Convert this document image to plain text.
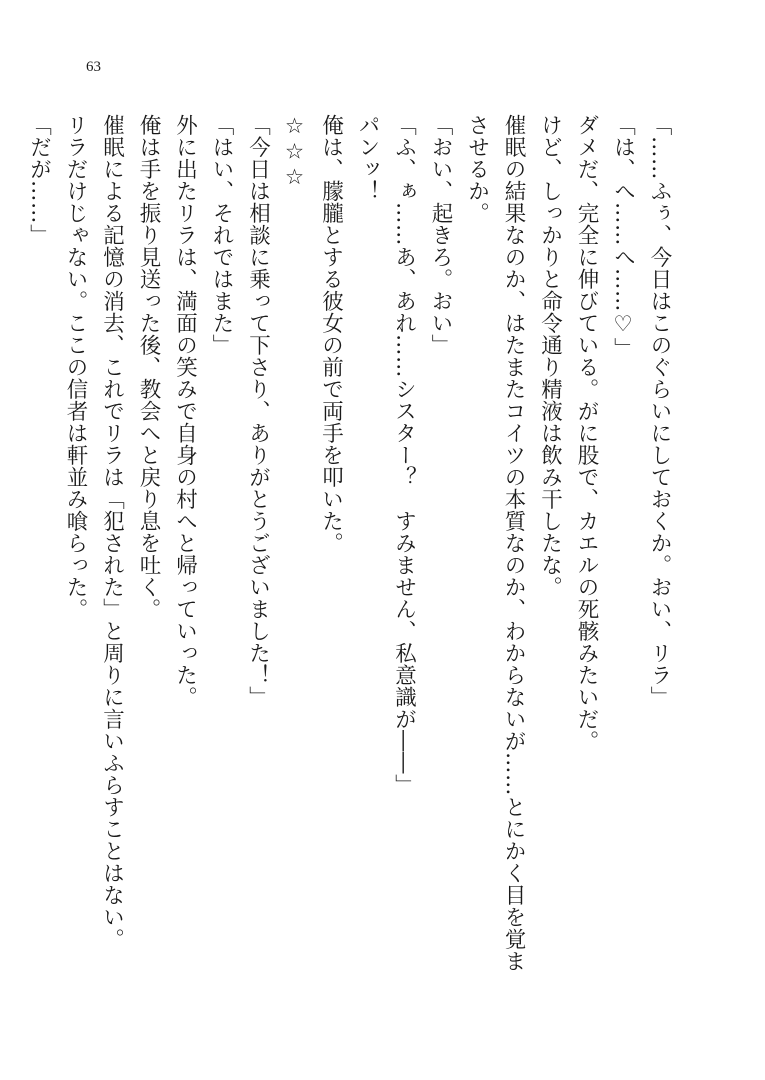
63
「……ふぅ、今日はこのぐらいにしておくか。おい、リラ」
「は、へ……へ……♡」
ダメだ、完全に伸びている。がに股で、カエルの死骸みたいだ。
けど、しっかりと命令通り精液は飲み干したな。
催眠の結果なのか、はたまたコイツの本質なのか、わからないが……とにかく目を覚ま
させるか。
「おい、起きろ。おい」
「ふ、ぁ……あ、あれ……シスター？　すみません、私意識が――」
パンッ！
俺は、朦朧とする彼女の前で両手を叩いた。
☆☆☆
「今日は相談に乗って下さり、ありがとうございました！」
「はい、それではまた」
外に出たリラは、満面の笑みで自身の村へと帰っていった。
俺は手を振り見送った後、教会へと戻り息を吐く。
催眠による記憶の消去、これでリラは「犯された」と周りに言いふらすことはない。
リラだけじゃない。ここの信者は軒並み喰らった。
「だが……」
